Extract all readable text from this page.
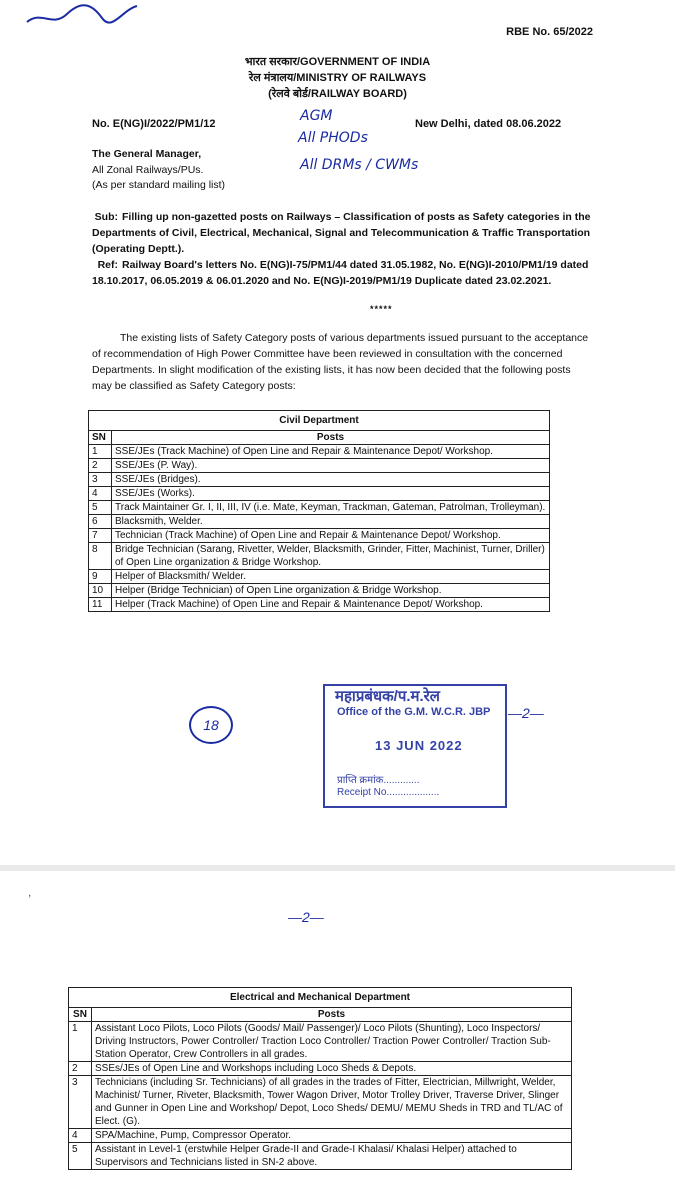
RBE No. 65/2022
भारत सरकार/GOVERNMENT OF INDIA
रेल मंत्रालय/MINISTRY OF RAILWAYS
(रेलवे बोर्ड/RAILWAY BOARD)
No. E(NG)I/2022/PM1/12	New Delhi, dated 08.06.2022
AGM
All PHODs
All DRMs / CWMs
The General Manager,
All Zonal Railways/PUs.
(As per standard mailing list)
Sub: Filling up non-gazetted posts on Railways – Classification of posts as Safety categories in the Departments of Civil, Electrical, Mechanical, Signal and Telecommunication & Traffic Transportation (Operating Deptt.).
Ref: Railway Board's letters No. E(NG)I-75/PM1/44 dated 31.05.1982, No. E(NG)I-2010/PM1/19 dated 18.10.2017, 06.05.2019 & 06.01.2020 and No. E(NG)I-2019/PM1/19 Duplicate dated 23.02.2021.
*****
The existing lists of Safety Category posts of various departments issued pursuant to the acceptance of recommendation of High Power Committee have been reviewed in consultation with the concerned Departments. In slight modification of the existing lists, it has now been decided that the following posts may be classified as Safety Category posts:
Civil Department	
SN	Posts
1	SSE/JEs (Track Machine) of Open Line and Repair & Maintenance Depot/ Workshop.
2	SSE/JEs (P. Way).
3	SSE/JEs (Bridges).
4	SSE/JEs (Works).
5	Track Maintainer Gr. I, II, III, IV (i.e. Mate, Keyman, Trackman, Gateman, Patrolman, Trolleyman).
6	Blacksmith, Welder.
7	Technician (Track Machine) of Open Line and Repair & Maintenance Depot/ Workshop.
8	Bridge Technician (Sarang, Rivetter, Welder, Blacksmith, Grinder, Fitter, Machinist, Turner, Driller) of Open Line organization & Bridge Workshop.
9	Helper of Blacksmith/ Welder.
10	Helper (Bridge Technician) of Open Line organization & Bridge Workshop.
11	Helper (Track Machine) of Open Line and Repair & Maintenance Depot/ Workshop.
18
महाप्रबंधक/प.म.रेल
Office of the G.M. W.C.R. JBP
13 JUN 2022
प्राप्ति क्रमांक.............
Receipt No...................
—2—
,
—2—
Electrical and Mechanical Department	
SN	Posts
1	Assistant Loco Pilots, Loco Pilots (Goods/ Mail/ Passenger)/ Loco Pilots (Shunting), Loco Inspectors/ Driving Instructors, Power Controller/ Traction Loco Controller/ Traction Power Controller/ Traction Sub-Station Operator, Crew Controllers in all grades.
2	SSEs/JEs of Open Line and Workshops including Loco Sheds & Depots.
3	Technicians (including Sr. Technicians) of all grades in the trades of Fitter, Electrician, Millwright, Welder, Machinist/ Turner, Riveter, Blacksmith, Tower Wagon Driver, Motor Trolley Driver, Traverse Driver, Slinger and Gunner in Open Line and Workshop/ Depot, Loco Sheds/ DEMU/ MEMU Sheds in TRD and TL/AC of Elect. (G).
4	SPA/Machine, Pump, Compressor Operator.
5	Assistant in Level-1 (erstwhile Helper Grade-II and Grade-I Khalasi/ Khalasi Helper) attached to Supervisors and Technicians listed in SN-2 above.
